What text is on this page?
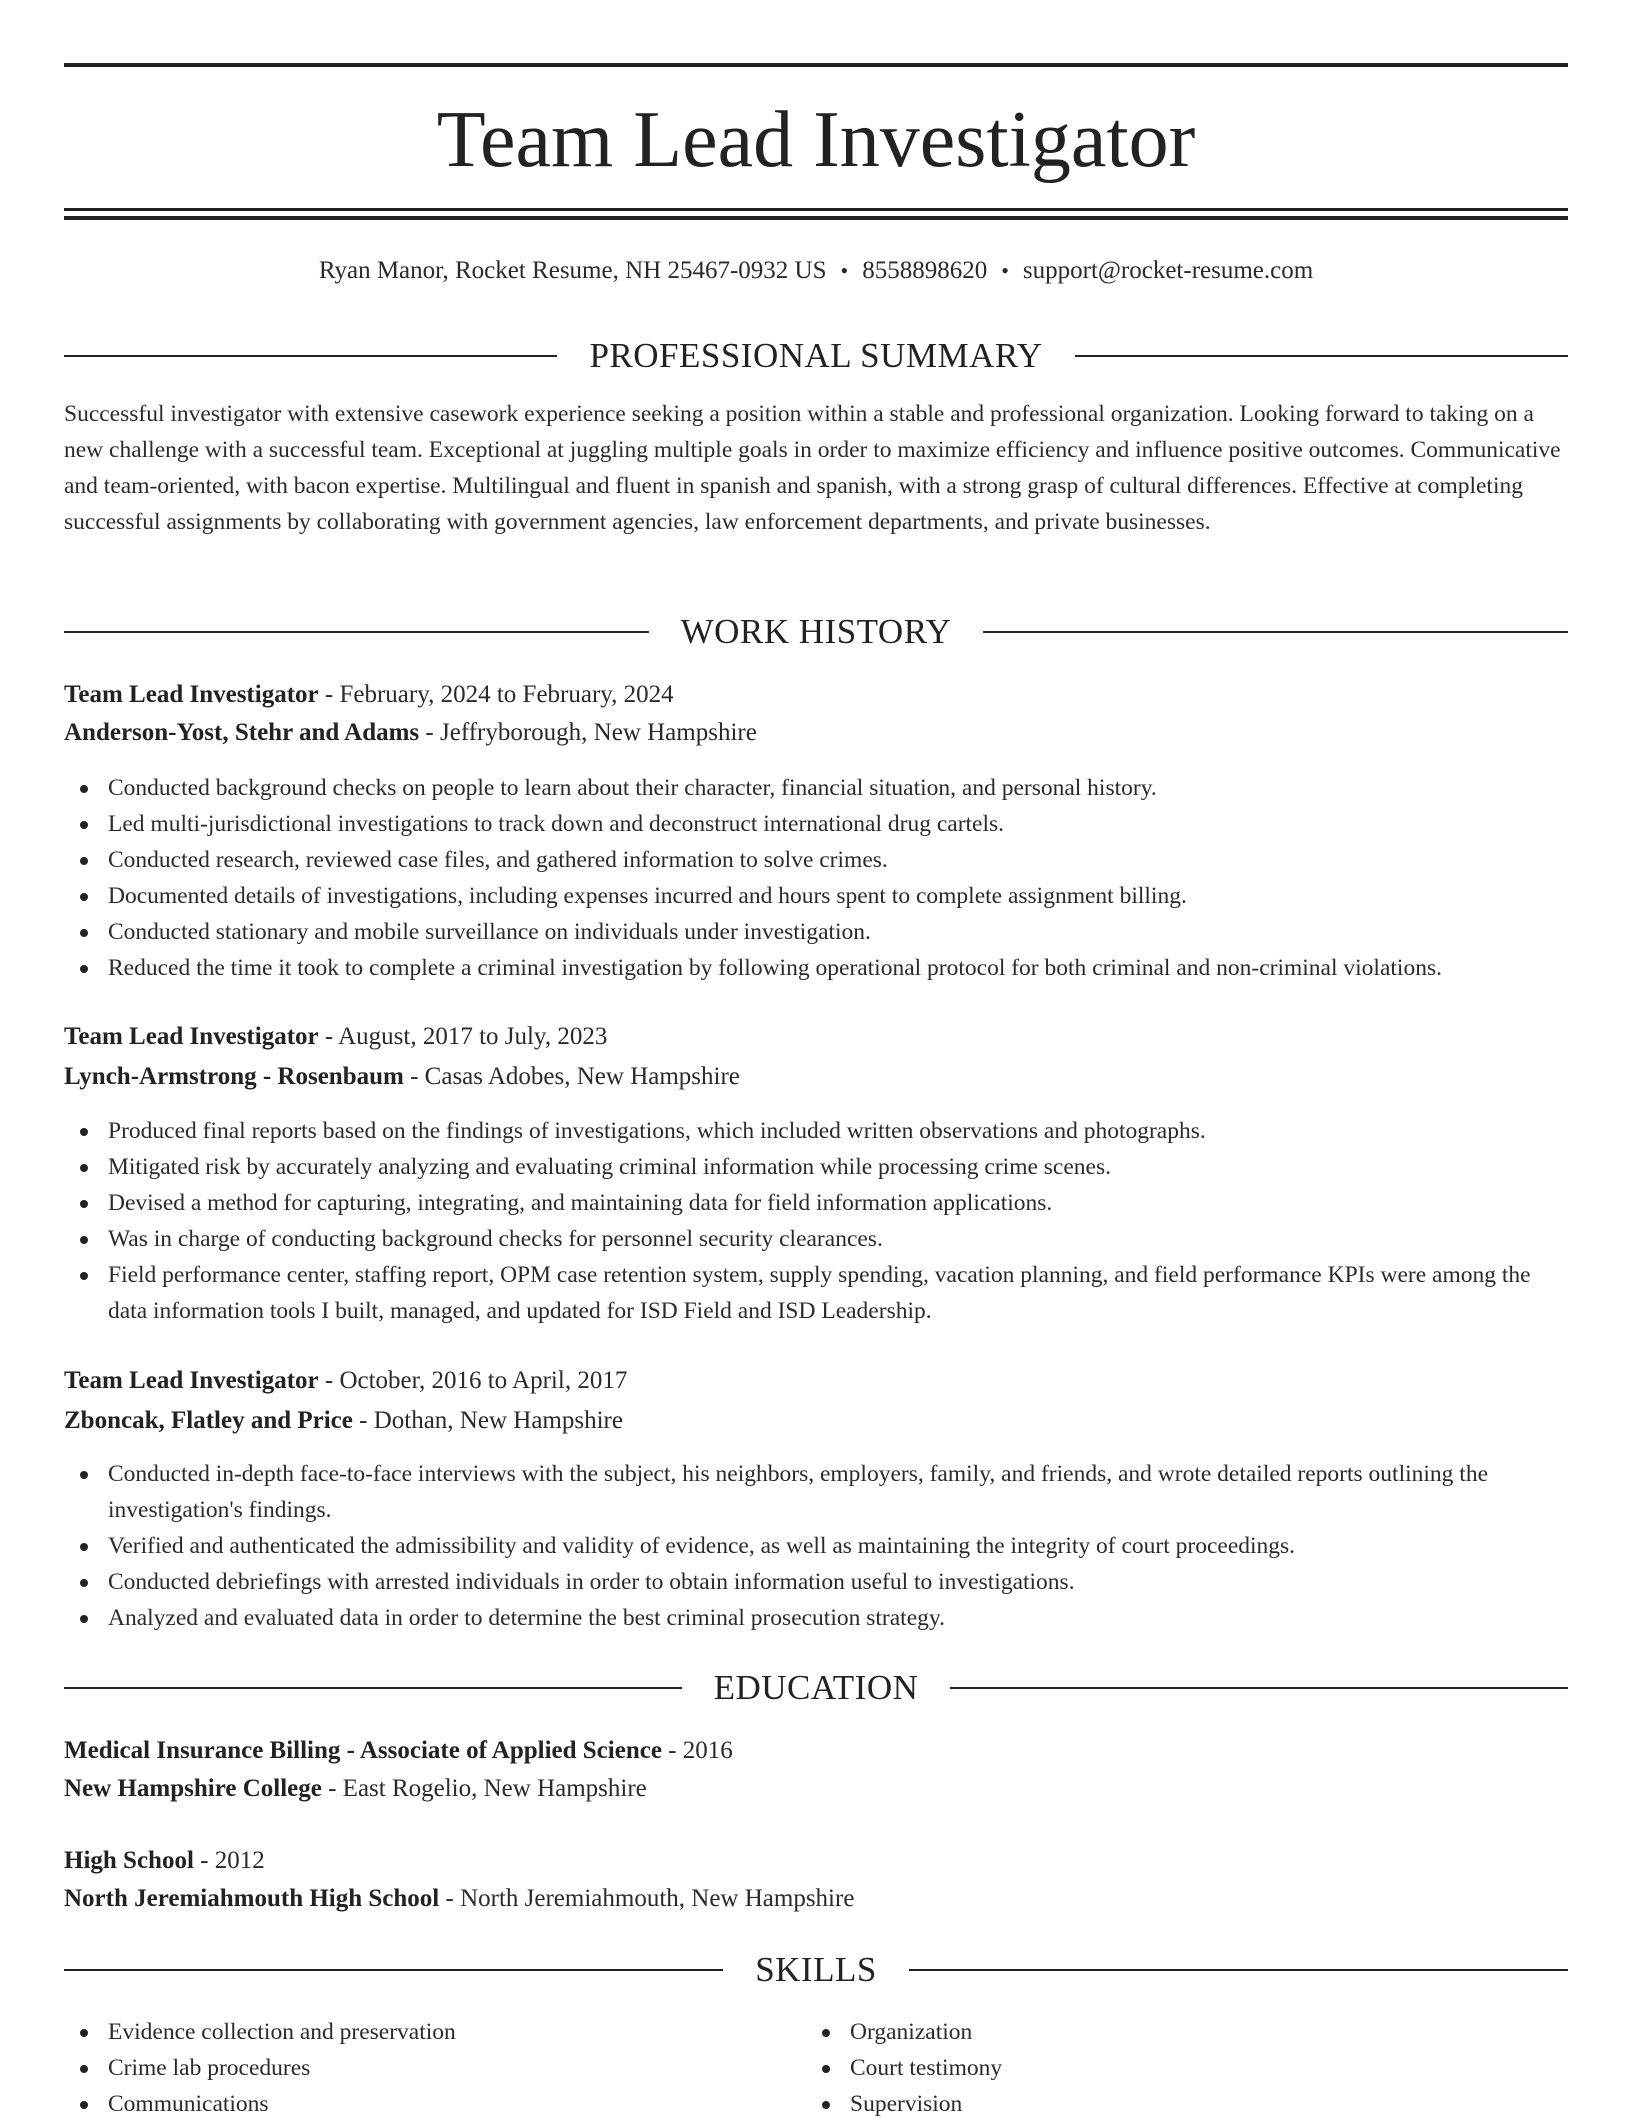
Team Lead Investigator
Ryan Manor, Rocket Resume, NH 25467-0932 US • 8558898620 • support@rocket-resume.com
PROFESSIONAL SUMMARY

Successful investigator with extensive casework experience seeking a position within a stable and professional organization. Looking forward to taking on a new challenge with a successful team. Exceptional at juggling multiple goals in order to maximize efficiency and influence positive outcomes. Communicative and team-oriented, with bacon expertise. Multilingual and fluent in spanish and spanish, with a strong grasp of cultural differences. Effective at completing successful assignments by collaborating with government agencies, law enforcement departments, and private businesses.

WORK HISTORY
Team Lead Investigator - February, 2024 to February, 2024
Anderson-Yost, Stehr and Adams - Jeffryborough, New Hampshire
Conducted background checks on people to learn about their character, financial situation, and personal history.
Led multi-jurisdictional investigations to track down and deconstruct international drug cartels.
Conducted research, reviewed case files, and gathered information to solve crimes.
Documented details of investigations, including expenses incurred and hours spent to complete assignment billing.
Conducted stationary and mobile surveillance on individuals under investigation.
Reduced the time it took to complete a criminal investigation by following operational protocol for both criminal and non-criminal violations.
Team Lead Investigator - August, 2017 to July, 2023
Lynch-Armstrong - Rosenbaum - Casas Adobes, New Hampshire
Produced final reports based on the findings of investigations, which included written observations and photographs.
Mitigated risk by accurately analyzing and evaluating criminal information while processing crime scenes.
Devised a method for capturing, integrating, and maintaining data for field information applications.
Was in charge of conducting background checks for personnel security clearances.
Field performance center, staffing report, OPM case retention system, supply spending, vacation planning, and field performance KPIs were among the data information tools I built, managed, and updated for ISD Field and ISD Leadership.
Team Lead Investigator - October, 2016 to April, 2017
Zboncak, Flatley and Price - Dothan, New Hampshire
Conducted in-depth face-to-face interviews with the subject, his neighbors, employers, family, and friends, and wrote detailed reports outlining the investigation's findings.
Verified and authenticated the admissibility and validity of evidence, as well as maintaining the integrity of court proceedings.
Conducted debriefings with arrested individuals in order to obtain information useful to investigations.
Analyzed and evaluated data in order to determine the best criminal prosecution strategy.
EDUCATION
Medical Insurance Billing - Associate of Applied Science - 2016
New Hampshire College - East Rogelio, New Hampshire
High School - 2012
North Jeremiahmouth High School - North Jeremiahmouth, New Hampshire
SKILLS
Evidence collection and preservation
Crime lab procedures
Communications
Organization
Court testimony
Supervision
